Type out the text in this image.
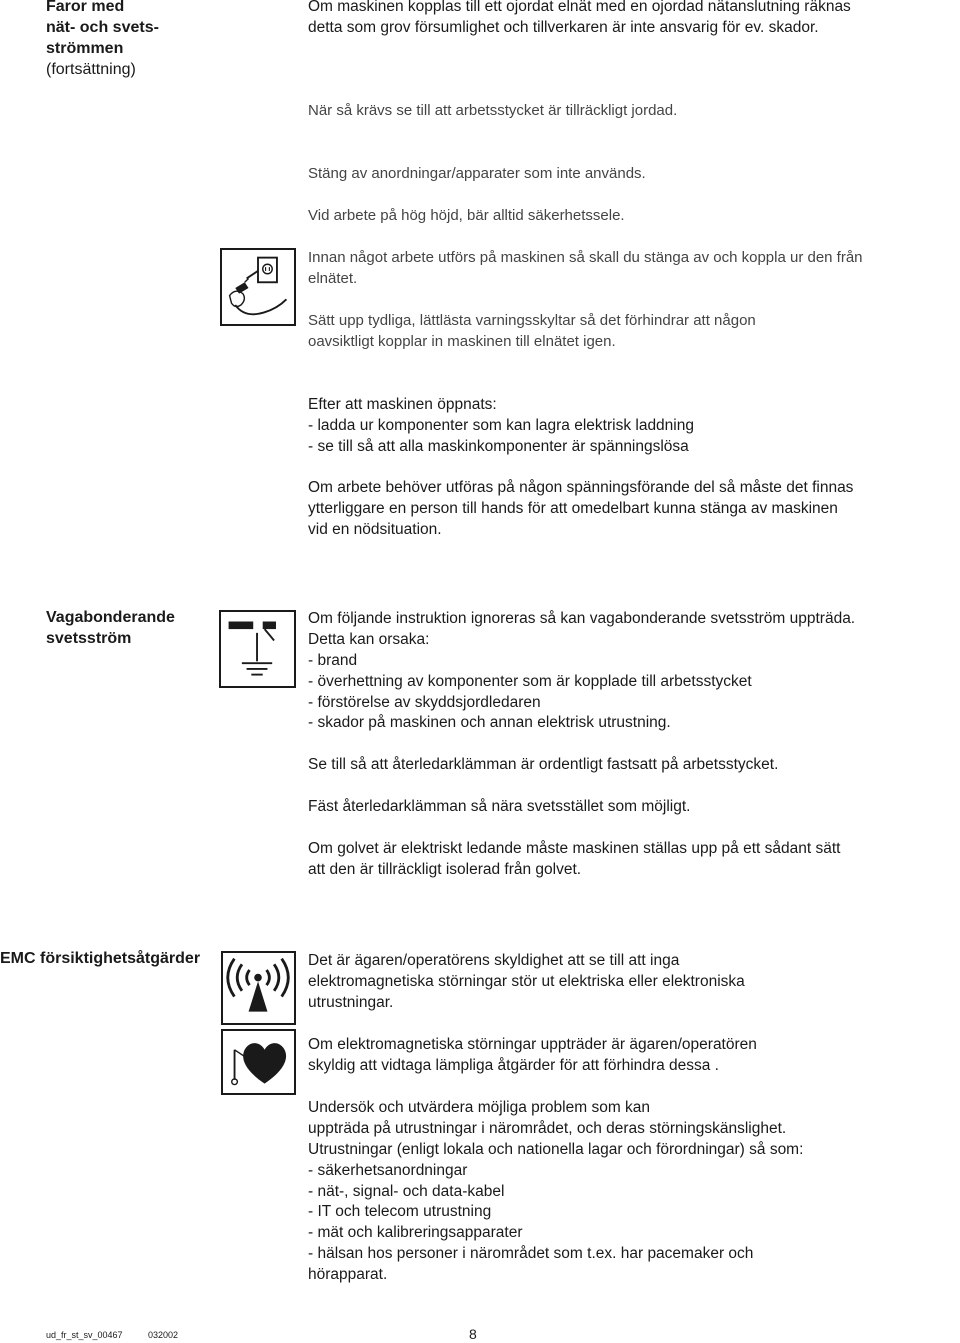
Faror med
nät- och svets-
strömmen
(fortsättning)
Om maskinen kopplas till ett ojordat elnät med en ojordad nätanslutning räknas
detta som grov försumlighet och tillverkaren är inte ansvarig för ev. skador.
När så krävs se till att arbetsstycket är tillräckligt jordad.
Stäng av anordningar/apparater som inte används.
Vid arbete på hög höjd, bär alltid säkerhetssele.
Innan något arbete utförs på maskinen så skall du stänga av och koppla ur den från
elnätet.
Sätt upp tydliga, lättlästa varningsskyltar så det förhindrar att någon
oavsiktligt kopplar in maskinen till elnätet igen.
Efter att maskinen öppnats:
- ladda ur komponenter som kan lagra elektrisk laddning
- se till så att alla maskinkomponenter är spänningslösa
Om arbete behöver utföras på någon spänningsförande del så måste det finnas
ytterliggare en person till hands för att omedelbart kunna stänga av maskinen
vid en nödsituation.
Vagabonderande
svetsström
Om följande instruktion ignoreras så kan vagabonderande svetsström uppträda.
Detta kan orsaka:
- brand
- överhettning av komponenter som är kopplade till arbetsstycket
- förstörelse av skyddsjordledaren
- skador på maskinen och annan elektrisk utrustning.
Se till så att återledarklämman är ordentligt fastsatt på arbetsstycket.
Fäst återledarklämman så nära svetsstället som möjligt.
Om golvet är elektriskt ledande måste maskinen ställas upp på ett sådant sätt
att den är tillräckligt isolerad från golvet.
EMC försiktighetsåtgärder	Det är ägaren/operatörens skyldighet att se till att inga
elektromagnetiska störningar stör ut elektriska eller elektroniska
utrustningar.
Om elektromagnetiska störningar uppträder är ägaren/operatören
skyldig att vidtaga lämpliga åtgärder för att förhindra dessa .
Undersök och utvärdera möjliga problem som kan
uppträda på utrustningar i närområdet, och deras störningskänslighet.
Utrustningar (enligt lokala och nationella lagar och förordningar) så som:
- säkerhetsanordningar
- nät-, signal- och data-kabel
- IT och telecom utrustning
- mät och kalibreringsapparater
- hälsan hos personer i närområdet som t.ex. har pacemaker och
hörapparat.
ud_fr_st_sv_00467	032002	8
